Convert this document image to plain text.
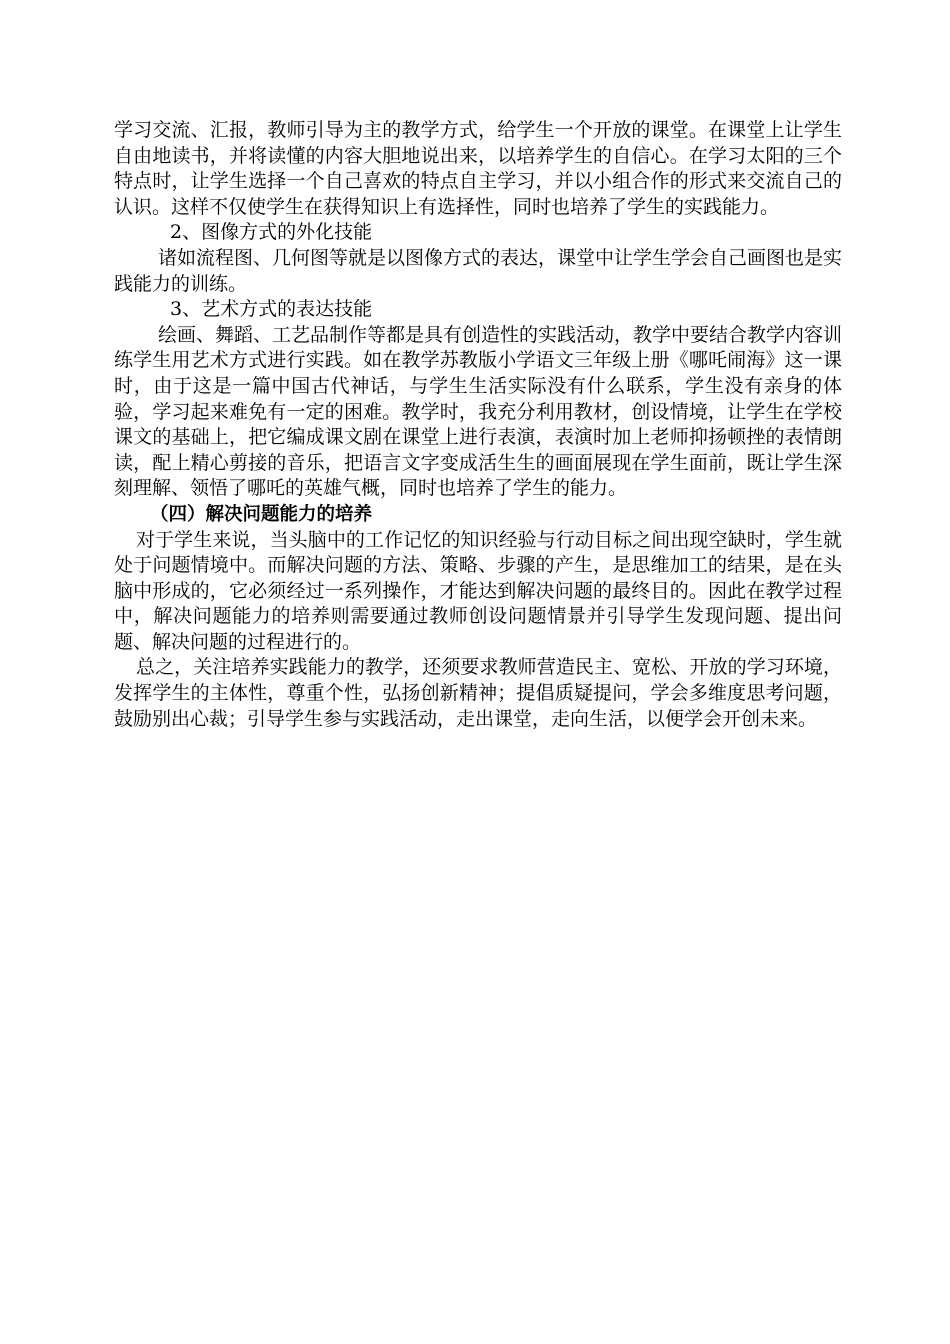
学习交流、汇报，教师引导为主的教学方式，给学生一个开放的课堂。在课堂上让学生自由地读书，并将读懂的内容大胆地说出来，以培养学生的自信心。在学习太阳的三个特点时，让学生选择一个自己喜欢的特点自主学习，并以小组合作的形式来交流自己的认识。这样不仅使学生在获得知识上有选择性，同时也培养了学生的实践能力。

2、图像方式的外化技能

诸如流程图、几何图等就是以图像方式的表达，课堂中让学生学会自己画图也是实践能力的训练。

3、艺术方式的表达技能

绘画、舞蹈、工艺品制作等都是具有创造性的实践活动，教学中要结合教学内容训练学生用艺术方式进行实践。如在教学苏教版小学语文三年级上册《哪吒闹海》这一课时，由于这是一篇中国古代神话，与学生生活实际没有什么联系，学生没有亲身的体验，学习起来难免有一定的困难。教学时，我充分利用教材，创设情境，让学生在学校课文的基础上，把它编成课文剧在课堂上进行表演，表演时加上老师抑扬顿挫的表情朗读，配上精心剪接的音乐，把语言文字变成活生生的画面展现在学生面前，既让学生深刻理解、领悟了哪吒的英雄气概，同时也培养了学生的能力。

（四）解决问题能力的培养

对于学生来说，当头脑中的工作记忆的知识经验与行动目标之间出现空缺时，学生就处于问题情境中。而解决问题的方法、策略、步骤的产生，是思维加工的结果，是在头脑中形成的，它必须经过一系列操作，才能达到解决问题的最终目的。因此在教学过程中，解决问题能力的培养则需要通过教师创设问题情景并引导学生发现问题、提出问题、解决问题的过程进行的。

总之，关注培养实践能力的教学，还须要求教师营造民主、宽松、开放的学习环境，发挥学生的主体性，尊重个性，弘扬创新精神；提倡质疑提问，学会多维度思考问题，鼓励别出心裁；引导学生参与实践活动，走出课堂，走向生活，以便学会开创未来。
